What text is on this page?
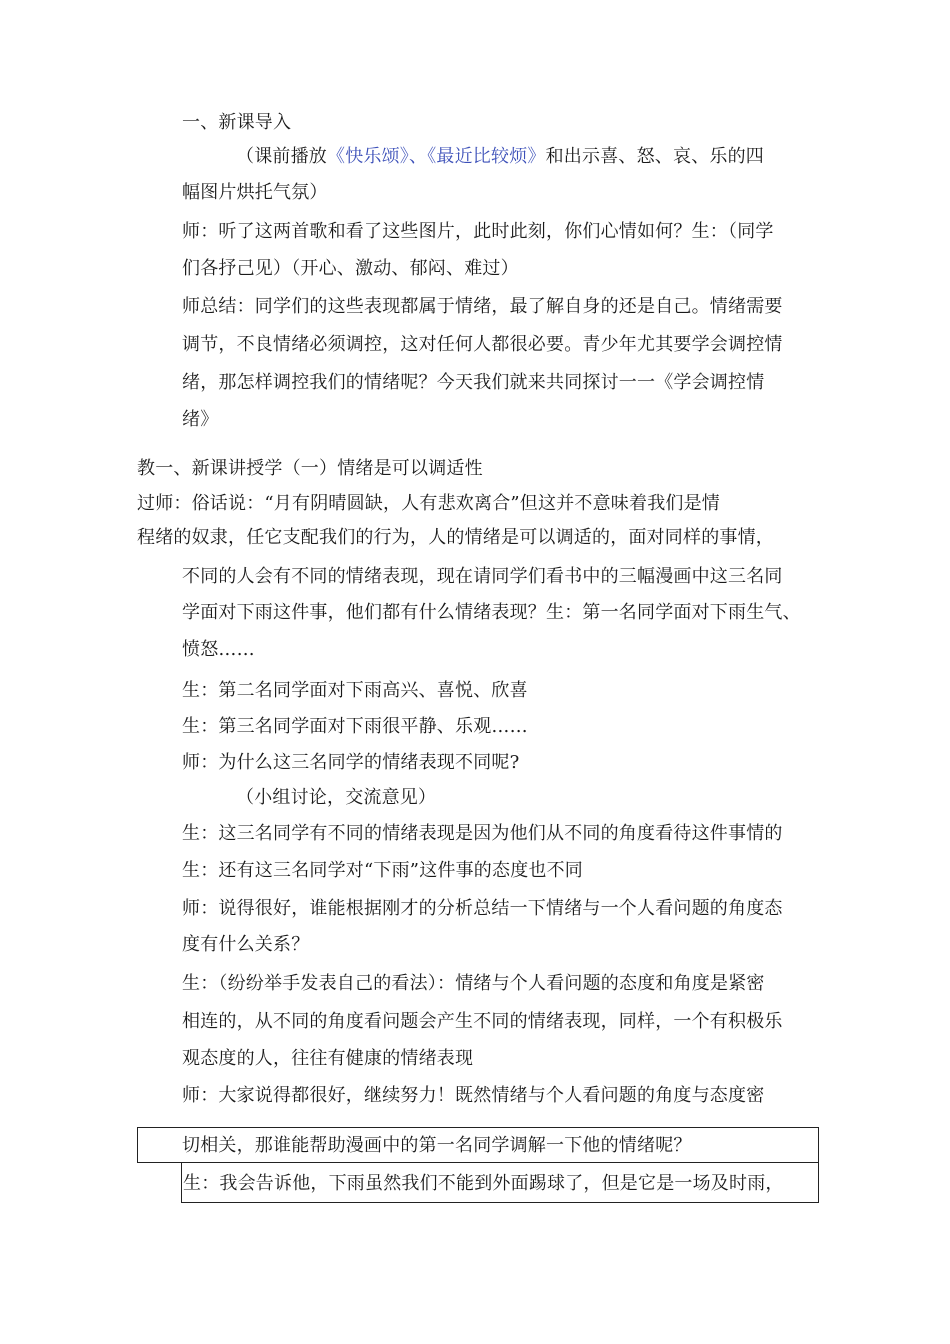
一、新课导入
（课前播放《快乐颂》、《最近比较烦》和出示喜、怒、哀、乐的四
幅图片烘托气氛）
师：听了这两首歌和看了这些图片，此时此刻，你们心情如何？生：（同学
们各抒己见）（开心、激动、郁闷、难过）
师总结：同学们的这些表现都属于情绪，最了解自身的还是自己。情绪需要
调节，不良情绪必须调控，这对任何人都很必要。青少年尤其要学会调控情
绪，那怎样调控我们的情绪呢？今天我们就来共同探讨一一《学会调控情
绪》
教一、新课讲授学（一）情绪是可以调适性
过师：俗话说：“月有阴晴圆缺，人有悲欢离合”但这并不意味着我们是情
程绪的奴隶，任它支配我们的行为，人的情绪是可以调适的，面对同样的事情，
不同的人会有不同的情绪表现，现在请同学们看书中的三幅漫画中这三名同
学面对下雨这件事，他们都有什么情绪表现？生：第一名同学面对下雨生气、
愤怒……
生：第二名同学面对下雨高兴、喜悦、欣喜
生：第三名同学面对下雨很平静、乐观……
师：为什么这三名同学的情绪表现不同呢?
（小组讨论，交流意见）
生：这三名同学有不同的情绪表现是因为他们从不同的角度看待这件事情的
生：还有这三名同学对“下雨”这件事的态度也不同
师：说得很好，谁能根据刚才的分析总结一下情绪与一个人看问题的角度态
度有什么关系？
生：（纷纷举手发表自己的看法）：情绪与个人看问题的态度和角度是紧密
相连的，从不同的角度看问题会产生不同的情绪表现，同样，一个有积极乐
观态度的人，往往有健康的情绪表现
师：大家说得都很好，继续努力！既然情绪与个人看问题的角度与态度密
切相关，那谁能帮助漫画中的第一名同学调解一下他的情绪呢？
生：我会告诉他，下雨虽然我们不能到外面踢球了，但是它是一场及时雨，
